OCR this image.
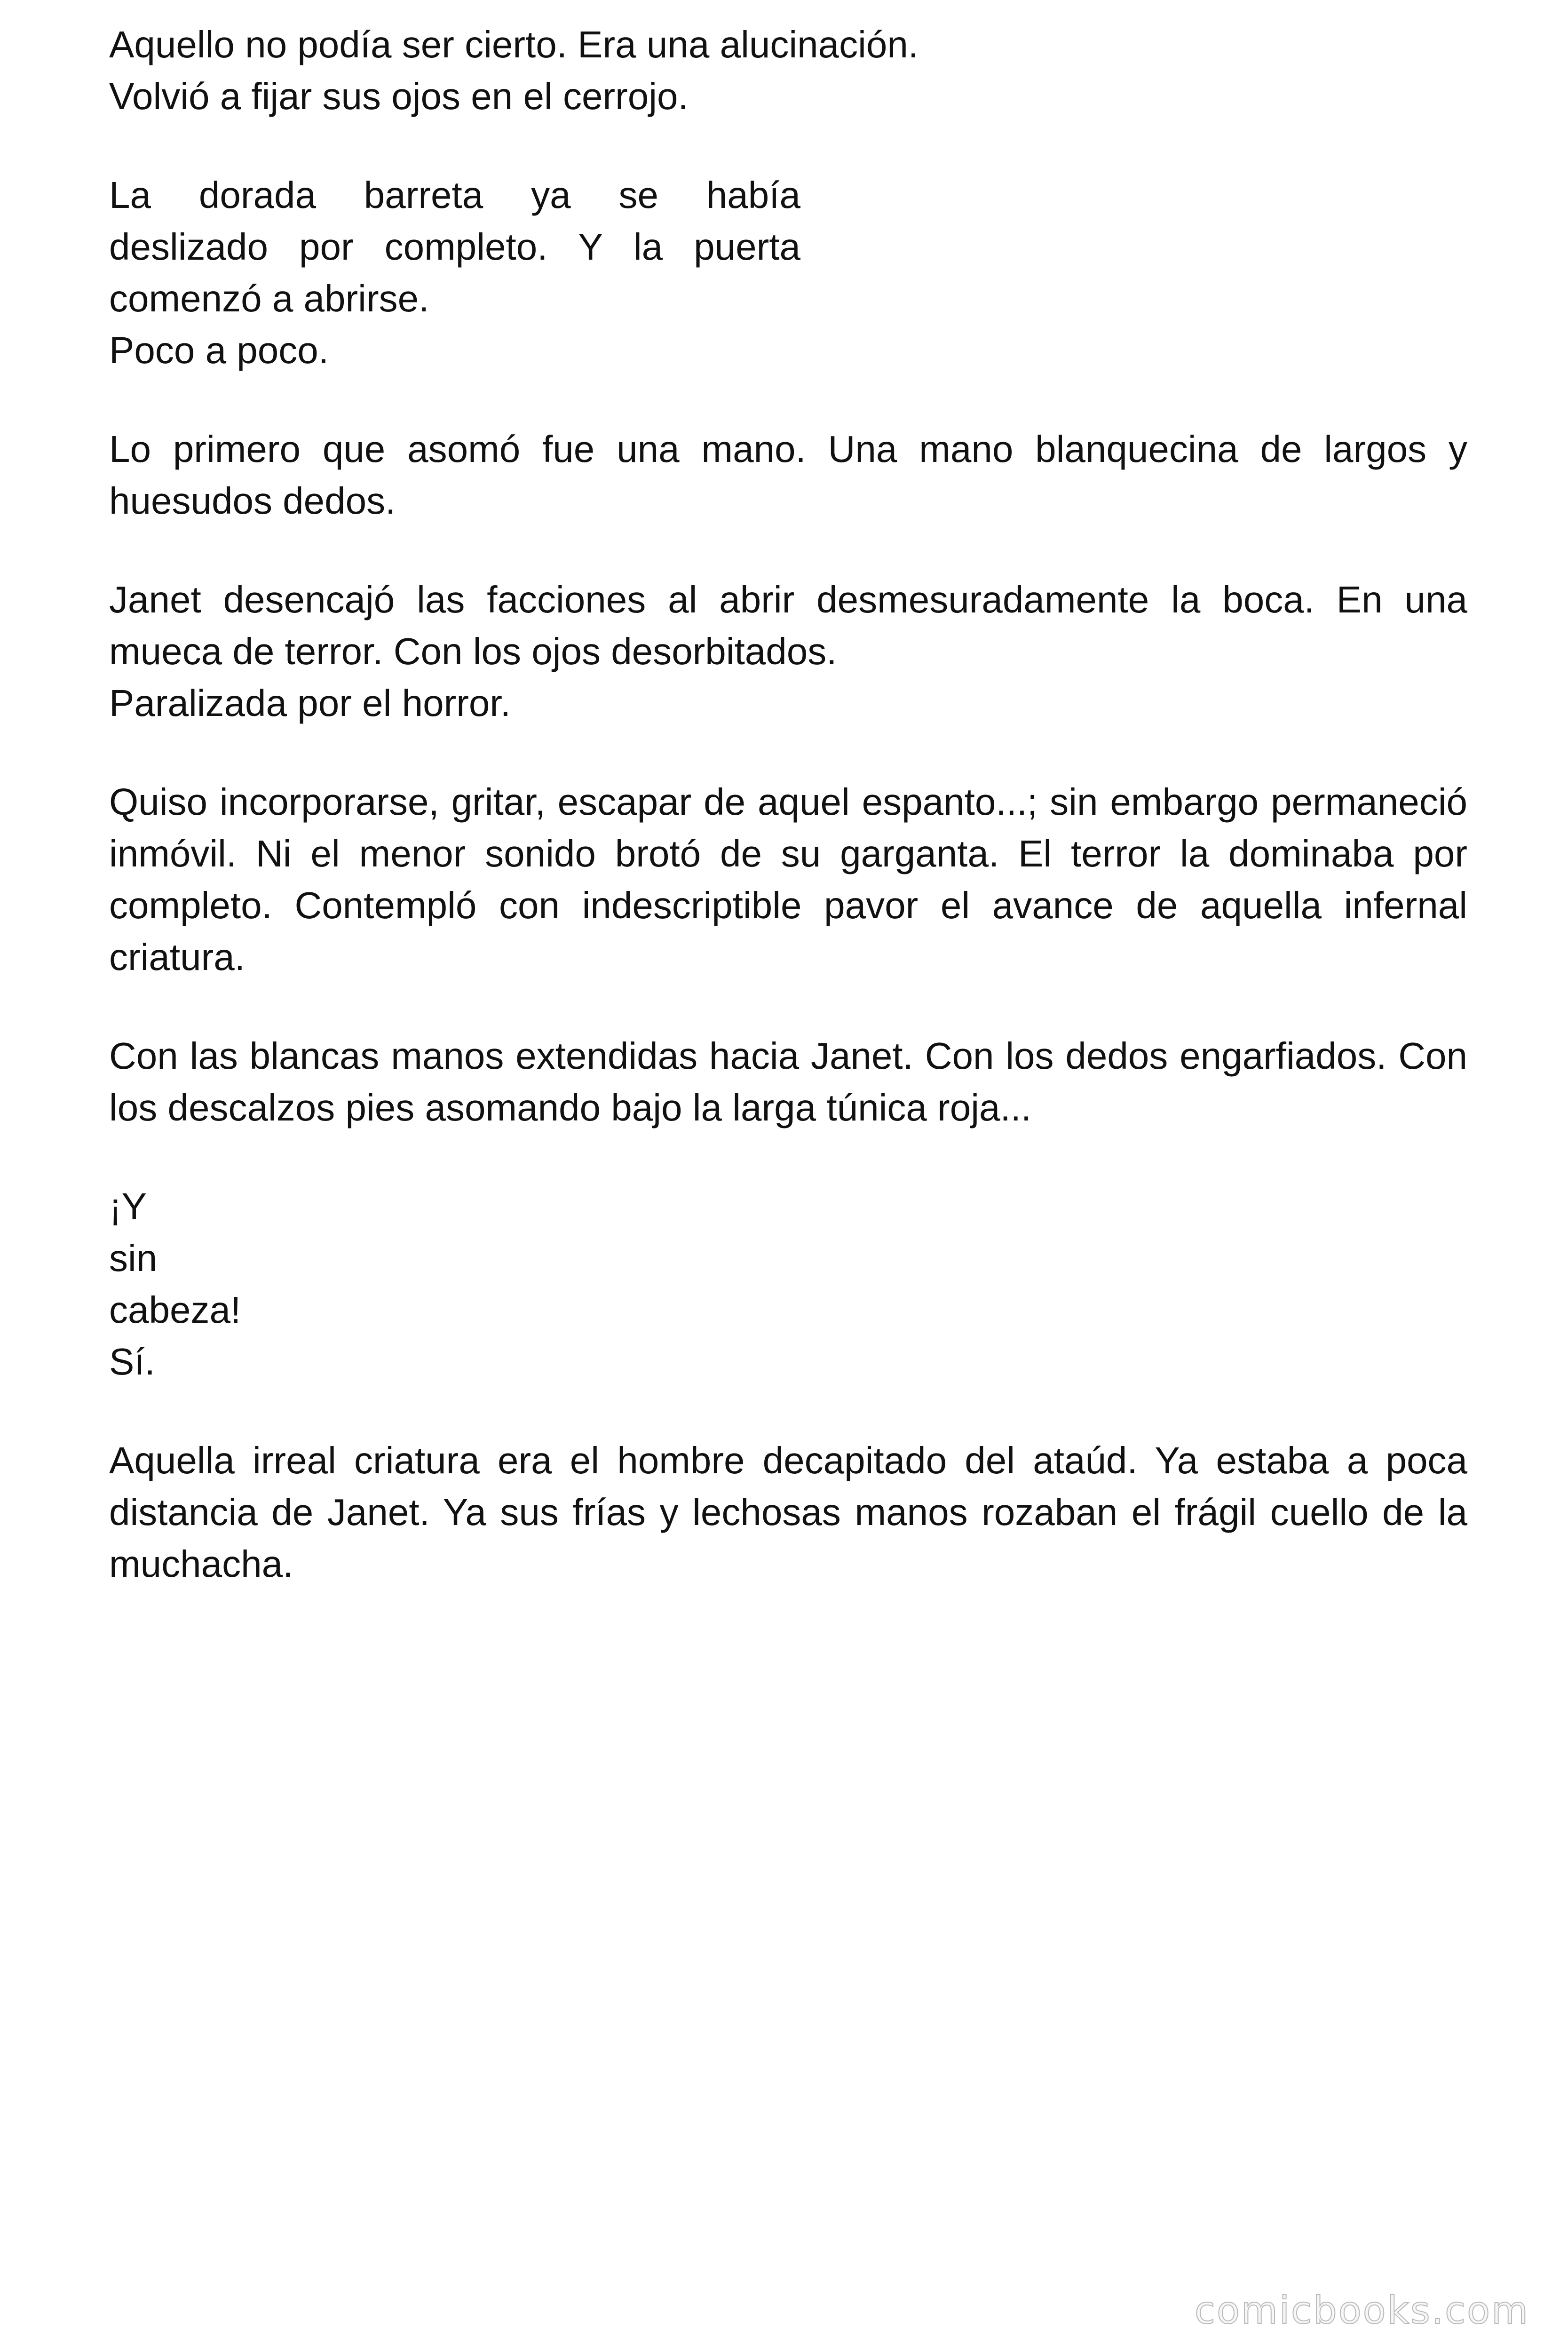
Aquello no podía ser cierto. Era una alucinación.
Volvió a fijar sus ojos en el cerrojo.

La dorada barreta ya se había
deslizado por completo. Y la puerta
comenzó a abrirse.
Poco a poco.

Lo primero que asomó fue una mano. Una mano blanquecina de largos y huesudos dedos.

Janet desencajó las facciones al abrir desmesuradamente la boca. En una mueca de terror. Con los ojos desorbitados.
Paralizada por el horror.

Quiso incorporarse, gritar, escapar de aquel espanto...; sin embargo permaneció inmóvil. Ni el menor sonido brotó de su garganta. El terror la dominaba por completo. Contempló con indescriptible pavor el avance de aquella infernal criatura.

Con las blancas manos extendidas hacia Janet. Con los dedos engarfiados. Con los descalzos pies asomando bajo la larga túnica roja...

¡Y
sin
cabeza!
Sí.

Aquella irreal criatura era el hombre decapitado del ataúd. Ya estaba a poca distancia de Janet. Ya sus frías y lechosas manos rozaban el frágil cuello de la muchacha.

comicbooks.com
